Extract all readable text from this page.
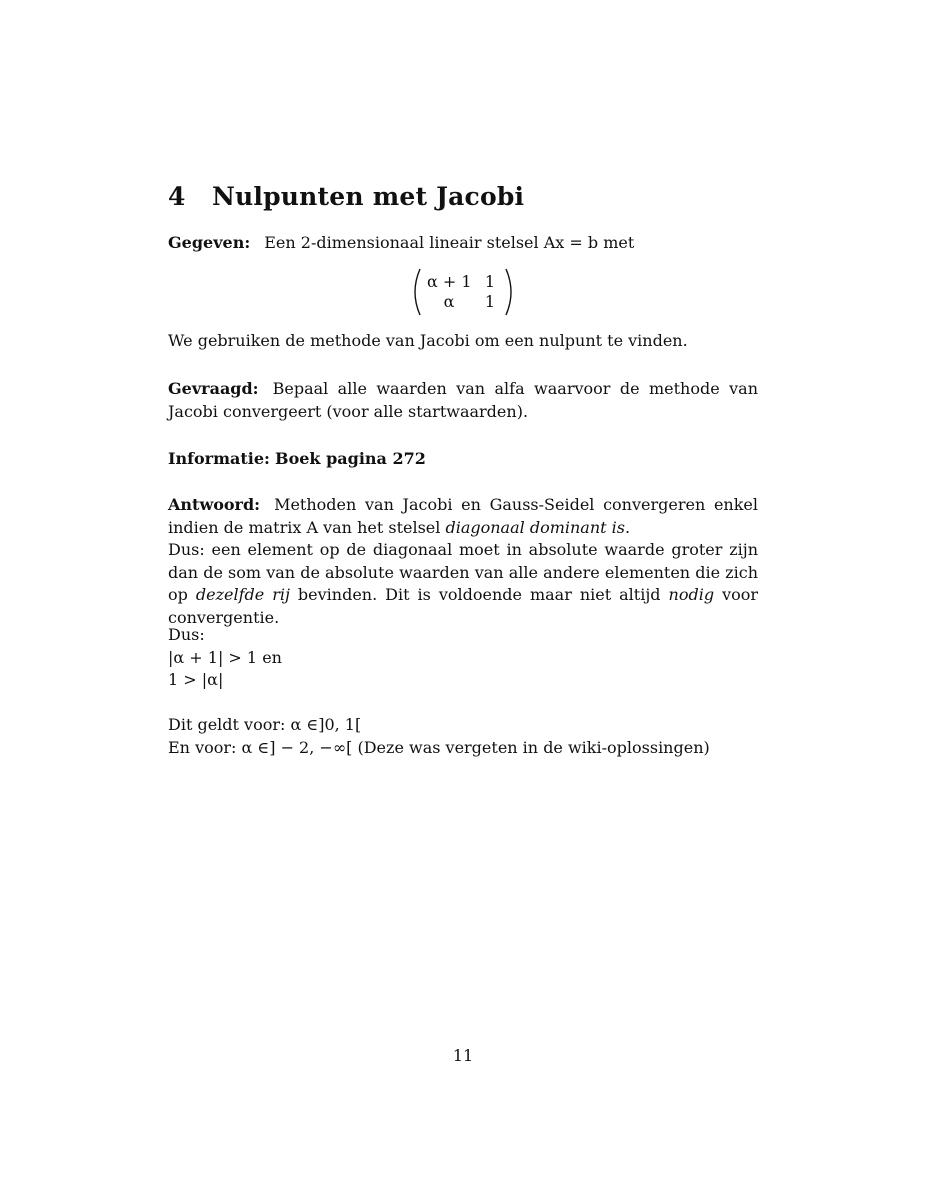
4 Nulpunten met Jacobi

Gegeven: Een 2-dimensionaal lineair stelsel Ax = b met

α + 1 1
α	1

We gebruiken de methode van Jacobi om een nulpunt te vinden.

Gevraagd: Bepaal alle waarden van alfa waarvoor de methode van Jacobi convergeert (voor alle startwaarden).

Informatie: Boek pagina 272

Antwoord: Methoden van Jacobi en Gauss-Seidel convergeren enkel indien de matrix A van het stelsel diagonaal dominant is.
Dus: een element op de diagonaal moet in absolute waarde groter zijn dan de som van de absolute waarden van alle andere elementen die zich op dezelfde rij bevinden. Dit is voldoende maar niet altijd nodig voor convergentie.

Dus:
|α + 1| > 1 en
1 > |α|

Dit geldt voor: α ∈]0, 1[
En voor: α ∈] − 2, −∞[ (Deze was vergeten in de wiki-oplossingen)

11
